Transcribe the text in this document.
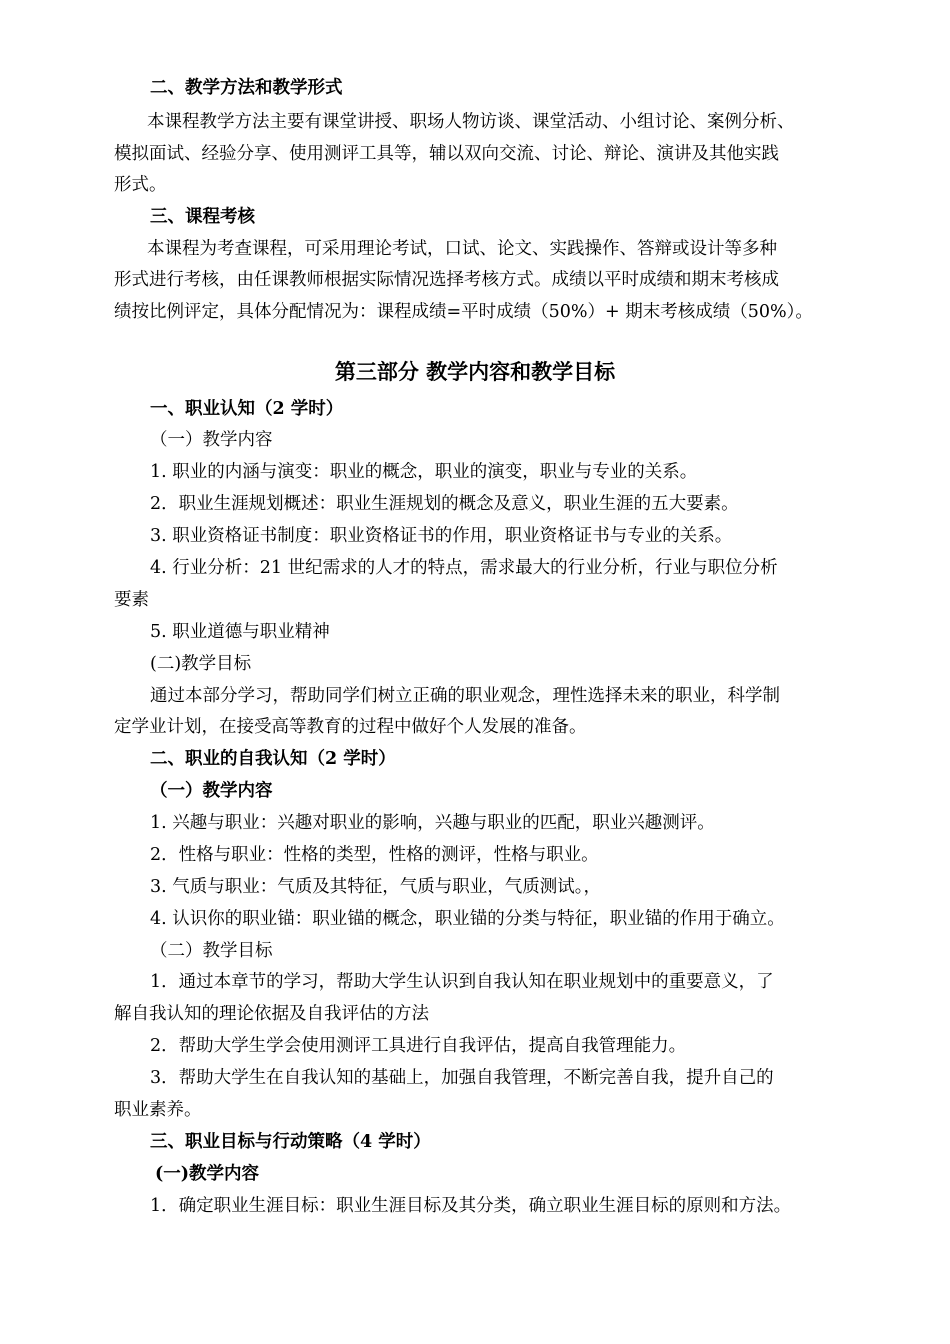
二、教学方法和教学形式

本课程教学方法主要有课堂讲授、职场人物访谈、课堂活动、小组讨论、案例分析、

模拟面试、经验分享、使用测评工具等，辅以双向交流、讨论、辩论、演讲及其他实践

形式。

三、课程考核

本课程为考查课程，可采用理论考试，口试、论文、实践操作、答辩或设计等多种

形式进行考核，由任课教师根据实际情况选择考核方式。成绩以平时成绩和期末考核成

绩按比例评定，具体分配情况为：课程成绩=平时成绩（50%）+ 期末考核成绩（50%）。

第三部分 教学内容和教学目标

一、职业认知（2 学时）

（一）教学内容

1. 职业的内涵与演变：职业的概念，职业的演变，职业与专业的关系。

2．职业生涯规划概述：职业生涯规划的概念及意义，职业生涯的五大要素。

3. 职业资格证书制度：职业资格证书的作用，职业资格证书与专业的关系。

4. 行业分析：21 世纪需求的人才的特点，需求最大的行业分析，行业与职位分析

要素

5. 职业道德与职业精神

(二)教学目标

通过本部分学习，帮助同学们树立正确的职业观念，理性选择未来的职业，科学制

定学业计划，在接受高等教育的过程中做好个人发展的准备。

二、职业的自我认知（2 学时）

（一）教学内容

1. 兴趣与职业：兴趣对职业的影响，兴趣与职业的匹配，职业兴趣测评。

2．性格与职业：性格的类型，性格的测评，性格与职业。

3. 气质与职业：气质及其特征，气质与职业，气质测试。，

4. 认识你的职业锚：职业锚的概念，职业锚的分类与特征，职业锚的作用于确立。

（二）教学目标

1．通过本章节的学习，帮助大学生认识到自我认知在职业规划中的重要意义，了

解自我认知的理论依据及自我评估的方法

2．帮助大学生学会使用测评工具进行自我评估，提高自我管理能力。

3．帮助大学生在自我认知的基础上，加强自我管理，不断完善自我，提升自己的

职业素养。

三、职业目标与行动策略（4 学时）

(一)教学内容

1．确定职业生涯目标：职业生涯目标及其分类，确立职业生涯目标的原则和方法。
